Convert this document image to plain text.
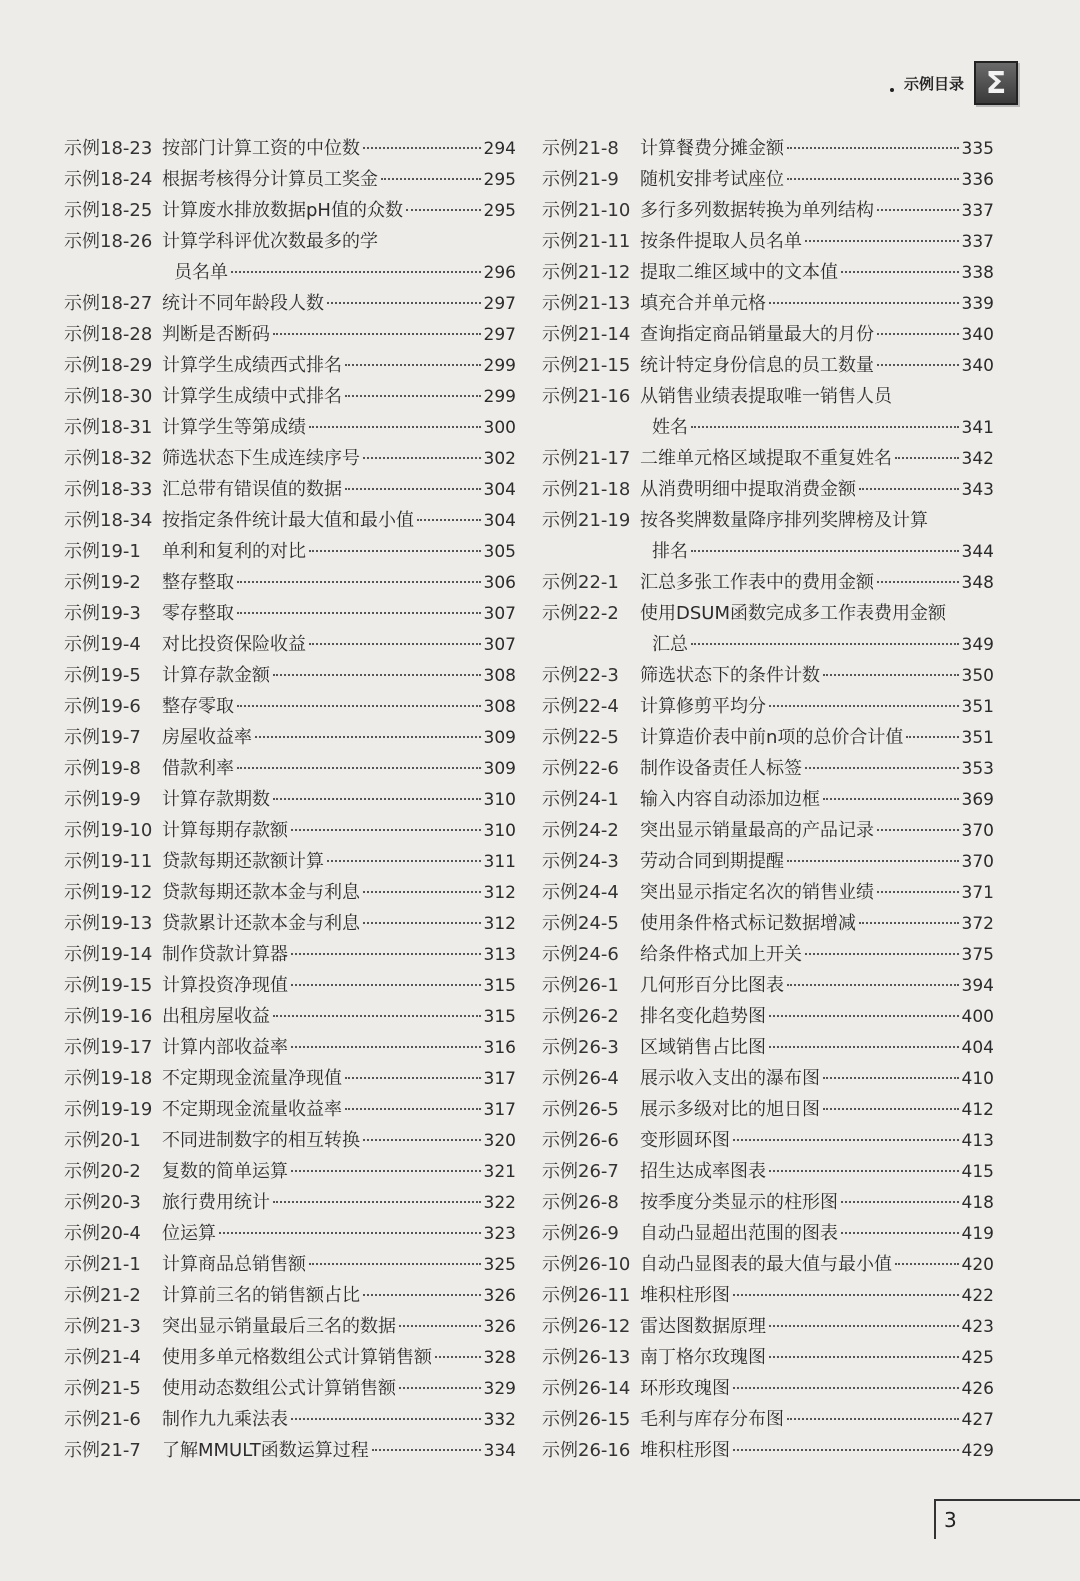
示例目录 Σ
示例18-23 按部门计算工资的中位数	294
示例18-24 根据考核得分计算员工奖金	295
示例18-25 计算废水排放数据pH值的众数	295
示例18-26 计算学科评优次数最多的学
员名单	296
示例18-27 统计不同年龄段人数	297
示例18-28 判断是否断码	297
示例18-29 计算学生成绩西式排名	299
示例18-30 计算学生成绩中式排名	299
示例18-31 计算学生等第成绩	300
示例18-32 筛选状态下生成连续序号	302
示例18-33 汇总带有错误值的数据	304
示例18-34 按指定条件统计最大值和最小值	304
示例19-1	单利和复利的对比	305
示例19-2	整存整取	306
示例19-3	零存整取	307
示例19-4	对比投资保险收益	307
示例19-5	计算存款金额	308
示例19-6	整存零取	308
示例19-7	房屋收益率	309
示例19-8	借款利率	309
示例19-9	计算存款期数	310
示例19-10 计算每期存款额	310
示例19-11 贷款每期还款额计算	311
示例19-12 贷款每期还款本金与利息	312
示例19-13 贷款累计还款本金与利息	312
示例19-14 制作贷款计算器	313
示例19-15 计算投资净现值	315
示例19-16 出租房屋收益	315
示例19-17 计算内部收益率	316
示例19-18 不定期现金流量净现值	317
示例19-19 不定期现金流量收益率	317
示例20-1	不同进制数字的相互转换	320
示例20-2	复数的简单运算	321
示例20-3	旅行费用统计	322
示例20-4	位运算	323
示例21-1	计算商品总销售额	325
示例21-2	计算前三名的销售额占比	326
示例21-3	突出显示销量最后三名的数据	326
示例21-4	使用多单元格数组公式计算销售额	328
示例21-5	使用动态数组公式计算销售额	329
示例21-6	制作九九乘法表	332
示例21-7	了解MMULT函数运算过程	334
示例21-8	计算餐费分摊金额	335
示例21-9	随机安排考试座位	336
示例21-10 多行多列数据转换为单列结构	337
示例21-11 按条件提取人员名单	337
示例21-12 提取二维区域中的文本值	338
示例21-13 填充合并单元格	339
示例21-14 查询指定商品销量最大的月份	340
示例21-15 统计特定身份信息的员工数量	340
示例21-16 从销售业绩表提取唯一销售人员
姓名	341
示例21-17 二维单元格区域提取不重复姓名	342
示例21-18 从消费明细中提取消费金额	343
示例21-19 按各奖牌数量降序排列奖牌榜及计算
排名	344
示例22-1	汇总多张工作表中的费用金额	348
示例22-2	使用DSUM函数完成多工作表费用金额
汇总	349
示例22-3	筛选状态下的条件计数	350
示例22-4	计算修剪平均分	351
示例22-5	计算造价表中前n项的总价合计值	351
示例22-6	制作设备责任人标签	353
示例24-1	输入内容自动添加边框	369
示例24-2	突出显示销量最高的产品记录	370
示例24-3	劳动合同到期提醒	370
示例24-4	突出显示指定名次的销售业绩	371
示例24-5	使用条件格式标记数据增减	372
示例24-6	给条件格式加上开关	375
示例26-1	几何形百分比图表	394
示例26-2	排名变化趋势图	400
示例26-3	区域销售占比图	404
示例26-4	展示收入支出的瀑布图	410
示例26-5	展示多级对比的旭日图	412
示例26-6	变形圆环图	413
示例26-7	招生达成率图表	415
示例26-8	按季度分类显示的柱形图	418
示例26-9	自动凸显超出范围的图表	419
示例26-10 自动凸显图表的最大值与最小值	420
示例26-11 堆积柱形图	422
示例26-12 雷达图数据原理	423
示例26-13 南丁格尔玫瑰图	425
示例26-14 环形玫瑰图	426
示例26-15 毛利与库存分布图	427
示例26-16 堆积柱形图	429
3
